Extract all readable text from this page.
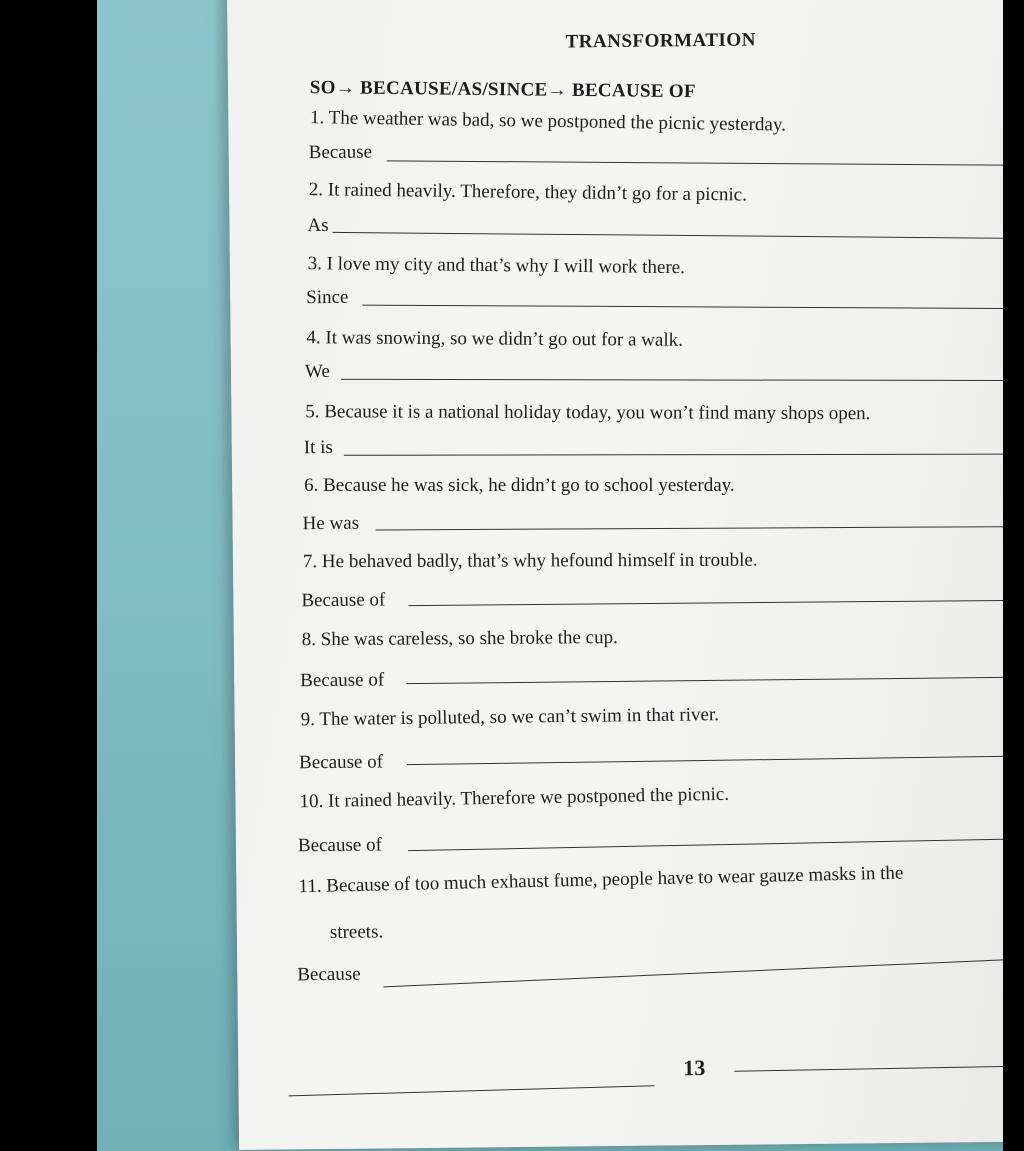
TRANSFORMATION
SO→ BECAUSE/AS/SINCE→ BECAUSE OF
1. The weather was bad, so we postponed the picnic yesterday.
Because
2. It rained heavily. Therefore, they didn’t go for a picnic.
As
3. I love my city and that’s why I will work there.
Since
4. It was snowing, so we didn’t go out for a walk.
We
5. Because it is a national holiday today, you won’t find many shops open.
It is
6. Because he was sick, he didn’t go to school yesterday.
He was
7. He behaved badly, that’s why hefound himself in trouble.
Because of
8. She was careless, so she broke the cup.
Because of
9. The water is polluted, so we can’t swim in that river.
Because of
10. It rained heavily. Therefore we postponed the picnic.
Because of
11. Because of too much exhaust fume, people have to wear gauze masks in the
streets.
Because
13
